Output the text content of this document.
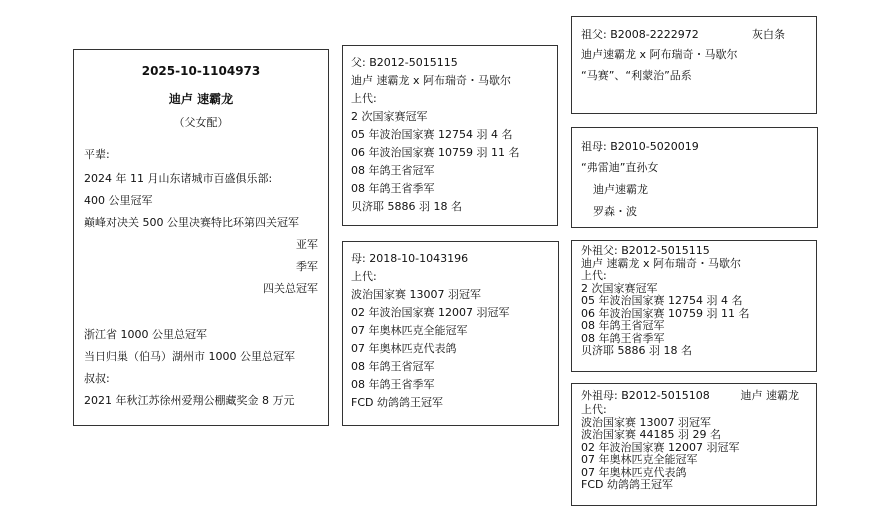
2025-10-1104973
迪卢 速霸龙
（父女配）
平辈:
2024 年 11 月山东诸城市百盛俱乐部:
400 公里冠军
巅峰对决关 500 公里决赛特比环第四关冠军
亚军
季军
四关总冠军
浙江省 1000 公里总冠军
当日归巢（伯马）湖州市 1000 公里总冠军
叔叔:
2021 年秋江苏徐州爱翔公棚藏奖金 8 万元
父: B2012-5015115
迪卢 速霸龙 x 阿布瑞奇・马歇尔
上代:
2 次国家赛冠军
05 年波治国家赛 12754 羽 4 名
06 年波治国家赛 10759 羽 11 名
08 年鸽王省冠军
08 年鸽王省季军
贝济耶 5886 羽 18 名
母: 2018-10-1043196
上代:
波治国家赛 13007 羽冠军
02 年波治国家赛 12007 羽冠军
07 年奥林匹克全能冠军
07 年奥林匹克代表鸽
08 年鸽王省冠军
08 年鸽王省季军
FCD 幼鸽鸽王冠军
祖父: B2008-2222972	灰白条
迪卢速霸龙 x 阿布瑞奇・马歇尔
“马赛”、“利蒙治”品系
祖母: B2010-5020019
“弗雷迪”直孙女
迪卢速霸龙
罗森・波
外祖父: B2012-5015115
迪卢 速霸龙 x 阿布瑞奇・马歇尔
上代:
2 次国家赛冠军
05 年波治国家赛 12754 羽 4 名
06 年波治国家赛 10759 羽 11 名
08 年鸽王省冠军
08 年鸽王省季军
贝济耶 5886 羽 18 名
外祖母: B2012-5015108	迪卢 速霸龙
上代:
波治国家赛 13007 羽冠军
波治国家赛 44185 羽 29 名
02 年波治国家赛 12007 羽冠军
07 年奥林匹克全能冠军
07 年奥林匹克代表鸽
FCD 幼鸽鸽王冠军
